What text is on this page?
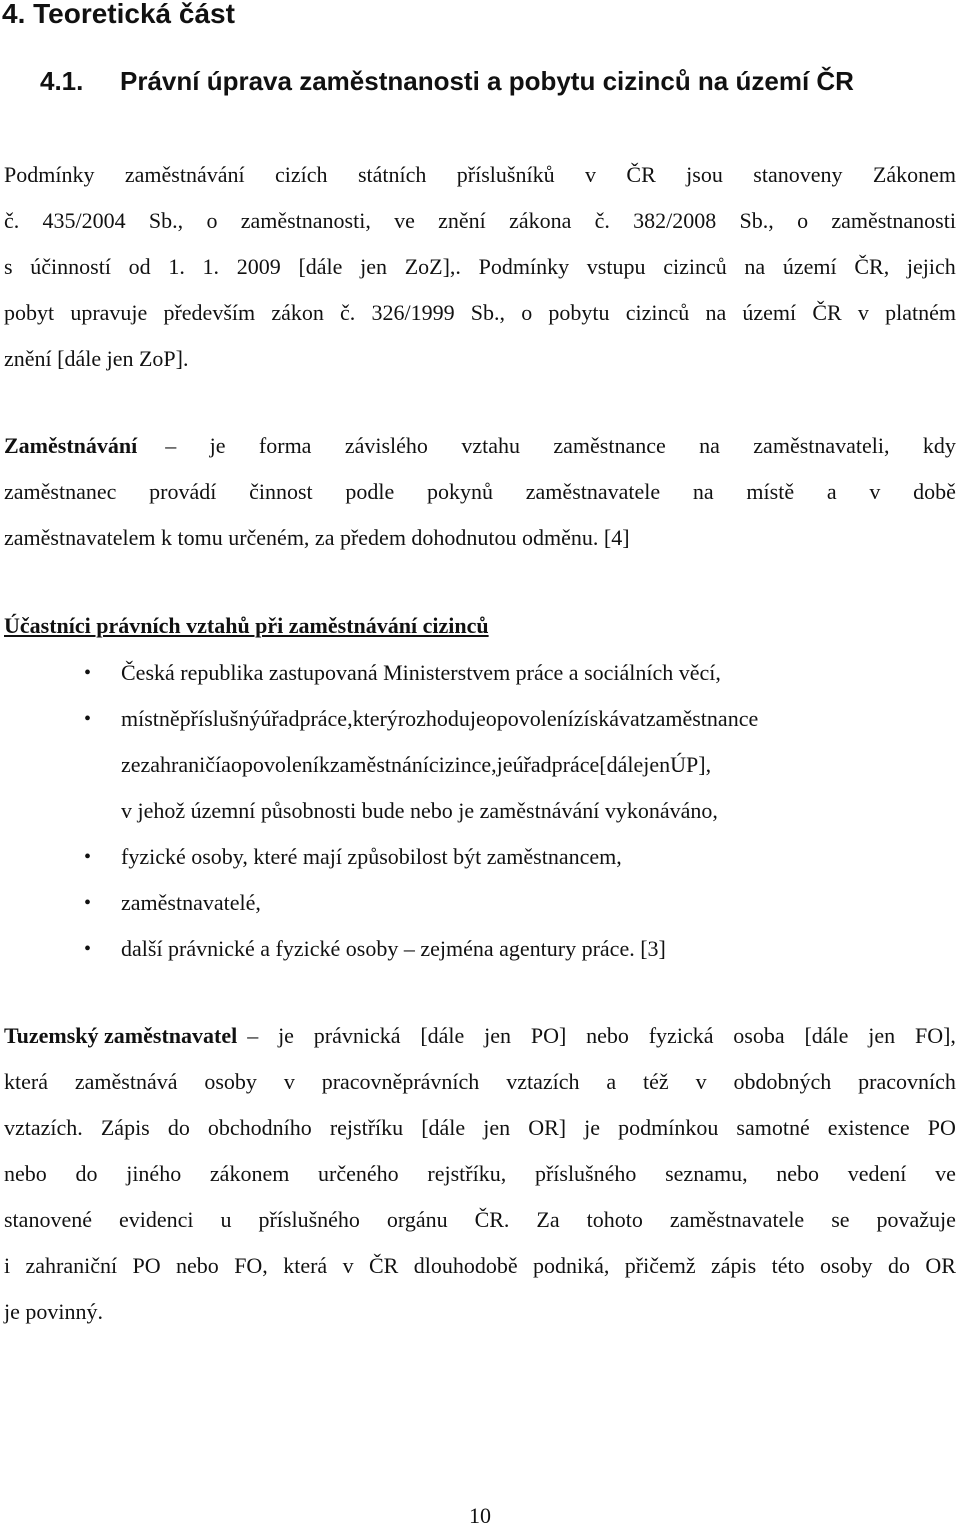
4. Teoretická část
4.1. Právní úprava zaměstnanosti a pobytu cizinců na území ČR
Podmínky zaměstnávání cizích státních příslušníků v ČR jsou stanoveny Zákonem
č. 435/2004 Sb., o zaměstnanosti, ve znění zákona č. 382/2008 Sb., o zaměstnanosti
s účinností od 1. 1. 2009 [dále jen ZoZ],. Podmínky vstupu cizinců na území ČR, jejich
pobyt upravuje především zákon č. 326/1999 Sb., o pobytu cizinců na území ČR v platném
znění [dále jen ZoP].
Zaměstnávání – je forma závislého vztahu zaměstnance na zaměstnavateli, kdy
zaměstnanec provádí činnost podle pokynů zaměstnavatele na místě a v době
zaměstnavatelem k tomu určeném, za předem dohodnutou odměnu. [4]
Účastníci právních vztahů při zaměstnávání cizinců
• Česká republika zastupovaná Ministerstvem práce a sociálních věcí,
• místněpříslušnýúřadpráce,kterýrozhodujeopovolenízískávatzaměstnance
zezahraničíaopovoleníkzaměstnánícizince,jeúřadpráce[dálejenÚP],
v jehož územní působnosti bude nebo je zaměstnávání vykonáváno,
• fyzické osoby, které mají způsobilost být zaměstnancem,
• zaměstnavatelé,
• další právnické a fyzické osoby – zejména agentury práce. [3]
Tuzemský zaměstnavatel – je právnická [dále jen PO] nebo fyzická osoba [dále jen FO],
která zaměstnává osoby v pracovněprávních vztazích a též v obdobných pracovních
vztazích. Zápis do obchodního rejstříku [dále jen OR] je podmínkou samotné existence PO
nebo do jiného zákonem určeného rejstříku, příslušného seznamu, nebo vedení ve
stanovené evidenci u příslušného orgánu ČR. Za tohoto zaměstnavatele se považuje
i zahraniční PO nebo FO, která v ČR dlouhodobě podniká, přičemž zápis této osoby do OR
je povinný.
10
